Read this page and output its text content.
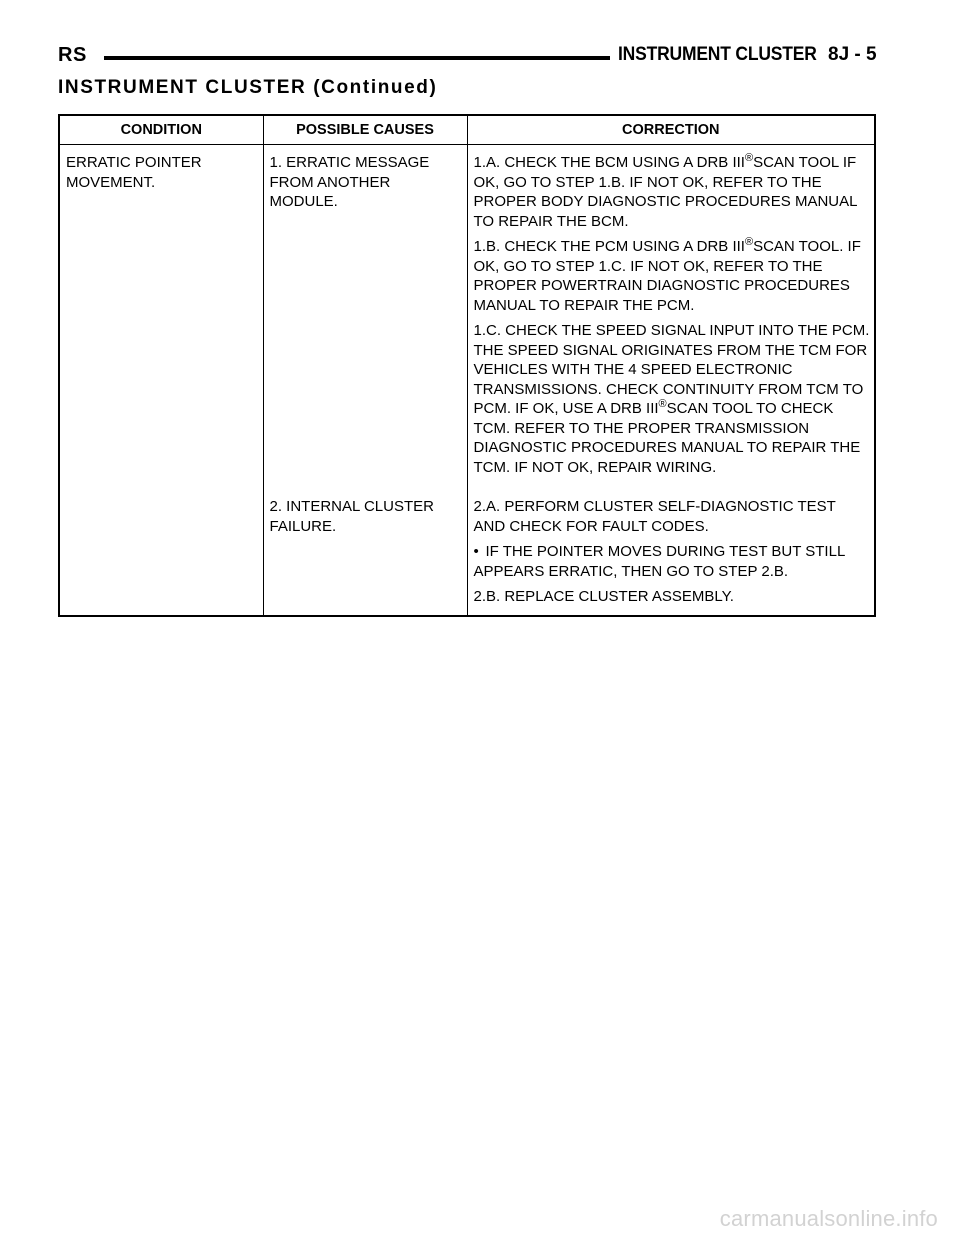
RS	INSTRUMENT CLUSTER 8J - 5
INSTRUMENT CLUSTER (Continued)
CONDITION	POSSIBLE CAUSES	CORRECTION
ERRATIC POINTER MOVEMENT.	1. ERRATIC MESSAGE FROM ANOTHER MODULE.	1.A. CHECK THE BCM USING A DRB III®SCAN TOOL IF OK, GO TO STEP 1.B. IF NOT OK, REFER TO THE PROPER BODY DIAGNOSTIC PROCEDURES MANUAL TO REPAIR THE BCM.

1.B. CHECK THE PCM USING A DRB III®SCAN TOOL. IF OK, GO TO STEP 1.C. IF NOT OK, REFER TO THE PROPER POWERTRAIN DIAGNOSTIC PROCEDURES MANUAL TO REPAIR THE PCM.

1.C. CHECK THE SPEED SIGNAL INPUT INTO THE PCM. THE SPEED SIGNAL ORIGINATES FROM THE TCM FOR VEHICLES WITH THE 4 SPEED ELECTRONIC TRANSMISSIONS. CHECK CONTINUITY FROM TCM TO PCM. IF OK, USE A DRB III®SCAN TOOL TO CHECK TCM. REFER TO THE PROPER TRANSMISSION DIAGNOSTIC PROCEDURES MANUAL TO REPAIR THE TCM. IF NOT OK, REPAIR WIRING.

	2. INTERNAL CLUSTER FAILURE.	2.A. PERFORM CLUSTER SELF-DIAGNOSTIC TEST AND CHECK FOR FAULT CODES.

• IF THE POINTER MOVES DURING TEST BUT STILL APPEARS ERRATIC, THEN GO TO STEP 2.B.

2.B. REPLACE CLUSTER ASSEMBLY.

carmanualsonline.info
